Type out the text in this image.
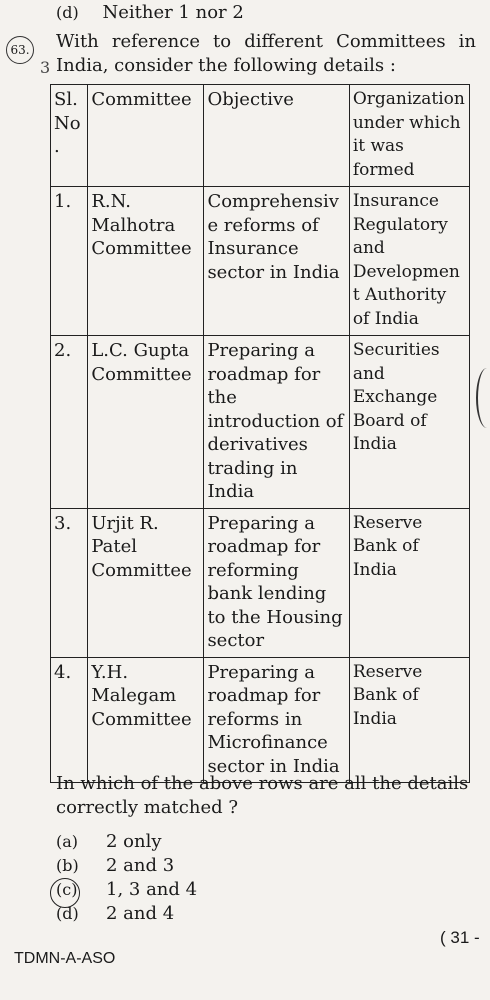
(d) Neither 1 nor 2
63.
3
With reference to different Committees in India, consider the following details :
Sl. No.	Committee	Objective	Organization under which it was formed
1.	R.N. Malhotra Committee	Comprehensive reforms of Insurance sector in India	Insurance Regulatory and Development Authority of India
2.	L.C. Gupta Committee	Preparing a roadmap for the introduction of derivatives trading in India	Securities and Exchange Board of India
3.	Urjit R. Patel Committee	Preparing a roadmap for reforming bank lending to the Housing sector	Reserve Bank of India
4.	Y.H. Malegam Committee	Preparing a roadmap for reforms in Microfinance sector in India	Reserve Bank of India
In which of the above rows are all the details correctly matched ?
(a)	2 only
(b)	2 and 3
(c)	1, 3 and 4
(d)	2 and 4
TDMN-A-ASO
( 31 -
